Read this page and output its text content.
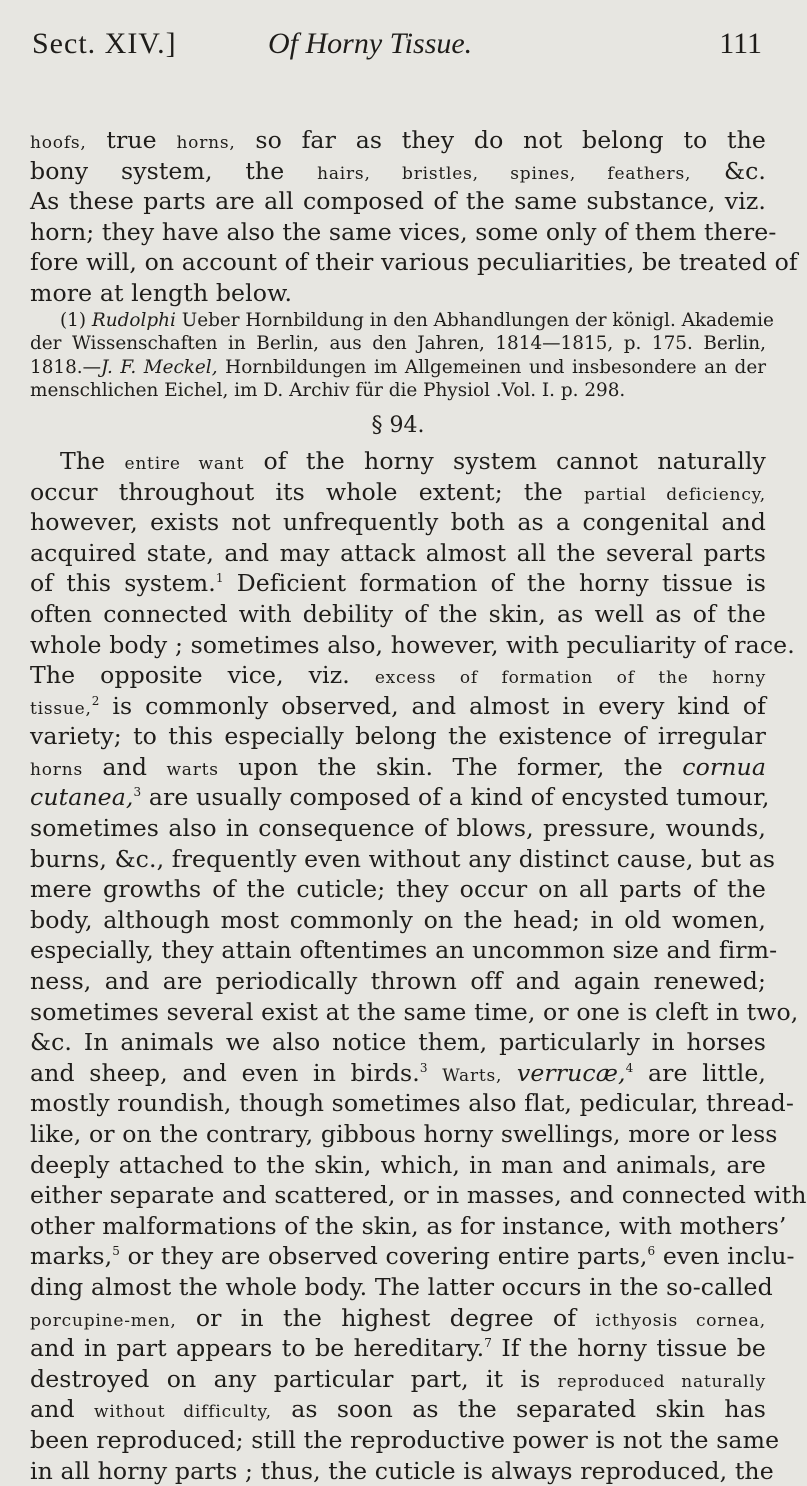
Sect. XIV.]	Of Horny Tissue.	111
hoofs, true horns, so far as they do not belong to the
bony system, the hairs, bristles, spines, feathers, &c.
As these parts are all composed of the same substance, viz.
horn; they have also the same vices, some only of them there-
fore will, on account of their various peculiarities, be treated of
more at length below.
(1) Rudolphi Ueber Hornbildung in den Abhandlungen der königl. Akademie
der Wissenschaften in Berlin, aus den Jahren, 1814—1815, p. 175. Berlin,
1818.—J. F. Meckel, Hornbildungen im Allgemeinen und insbesondere an der
menschlichen Eichel, im D. Archiv für die Physiol .Vol. I. p. 298.
§ 94.
The entire want of the horny system cannot naturally
occur throughout its whole extent; the partial deficiency,
however, exists not unfrequently both as a congenital and
acquired state, and may attack almost all the several parts
of this system.$^1$ Deficient formation of the horny tissue is
often connected with debility of the skin, as well as of the
whole body ; sometimes also, however, with peculiarity of race.
The opposite vice, viz. excess of formation of the horny
tissue,$^2$ is commonly observed, and almost in every kind of
variety; to this especially belong the existence of irregular
horns and warts upon the skin. The former, the cornua
cutanea,$^3$ are usually composed of a kind of encysted tumour,
sometimes also in consequence of blows, pressure, wounds,
burns, &c., frequently even without any distinct cause, but as
mere growths of the cuticle; they occur on all parts of the
body, although most commonly on the head; in old women,
especially, they attain oftentimes an uncommon size and firm-
ness, and are periodically thrown off and again renewed;
sometimes several exist at the same time, or one is cleft in two,
&c. In animals we also notice them, particularly in horses
and sheep, and even in birds.$^3$ Warts, verrucæ,$^4$ are little,
mostly roundish, though sometimes also flat, pedicular, thread-
like, or on the contrary, gibbous horny swellings, more or less
deeply attached to the skin, which, in man and animals, are
either separate and scattered, or in masses, and connected with
other malformations of the skin, as for instance, with mothers’
marks,$^5$ or they are observed covering entire parts,$^6$ even inclu-
ding almost the whole body. The latter occurs in the so-called
porcupine-men, or in the highest degree of icthyosis cornea,
and in part appears to be hereditary.$^7$ If the horny tissue be
destroyed on any particular part, it is reproduced naturally
and without difficulty, as soon as the separated skin has
been reproduced; still the reproductive power is not the same
in all horny parts ; thus, the cuticle is always reproduced, the
